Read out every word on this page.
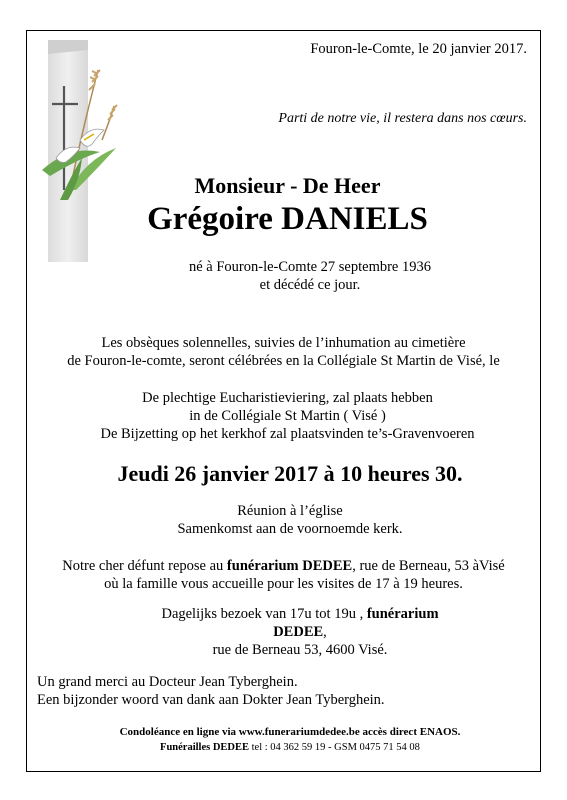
Fouron-le-Comte, le 20 janvier 2017.
Parti de notre vie, il restera dans nos cœurs.
Monsieur - De Heer
Grégoire DANIELS
né à Fouron-le-Comte 27 septembre 1936
et décédé ce jour.
Les obsèques solennelles, suivies de l’inhumation au cimetière
de Fouron-le-comte, seront célébrées en la Collégiale St Martin de Visé, le
De plechtige Eucharistieviering, zal plaats hebben
in de Collégiale St Martin ( Visé )
De Bijzetting op het kerkhof zal plaatsvinden te’s-Gravenvoeren
Jeudi 26 janvier 2017 à 10 heures 30.
Réunion à l’église
Samenkomst aan de voornoemde kerk.
Notre cher défunt repose au funérarium DEDEE, rue de Berneau, 53 àVisé
où la famille vous accueille pour les visites de 17 à 19 heures.
Dagelijks bezoek van 17u tot 19u , funérarium DEDEE,
rue de Berneau 53, 4600 Visé.
Un grand merci au Docteur Jean Tyberghein.
Een bijzonder woord van dank aan Dokter Jean Tyberghein.
Condoléance en ligne via www.funerariumdedee.be accès direct ENAOS.
Funérailles DEDEE tel : 04 362 59 19 - GSM 0475 71 54 08
